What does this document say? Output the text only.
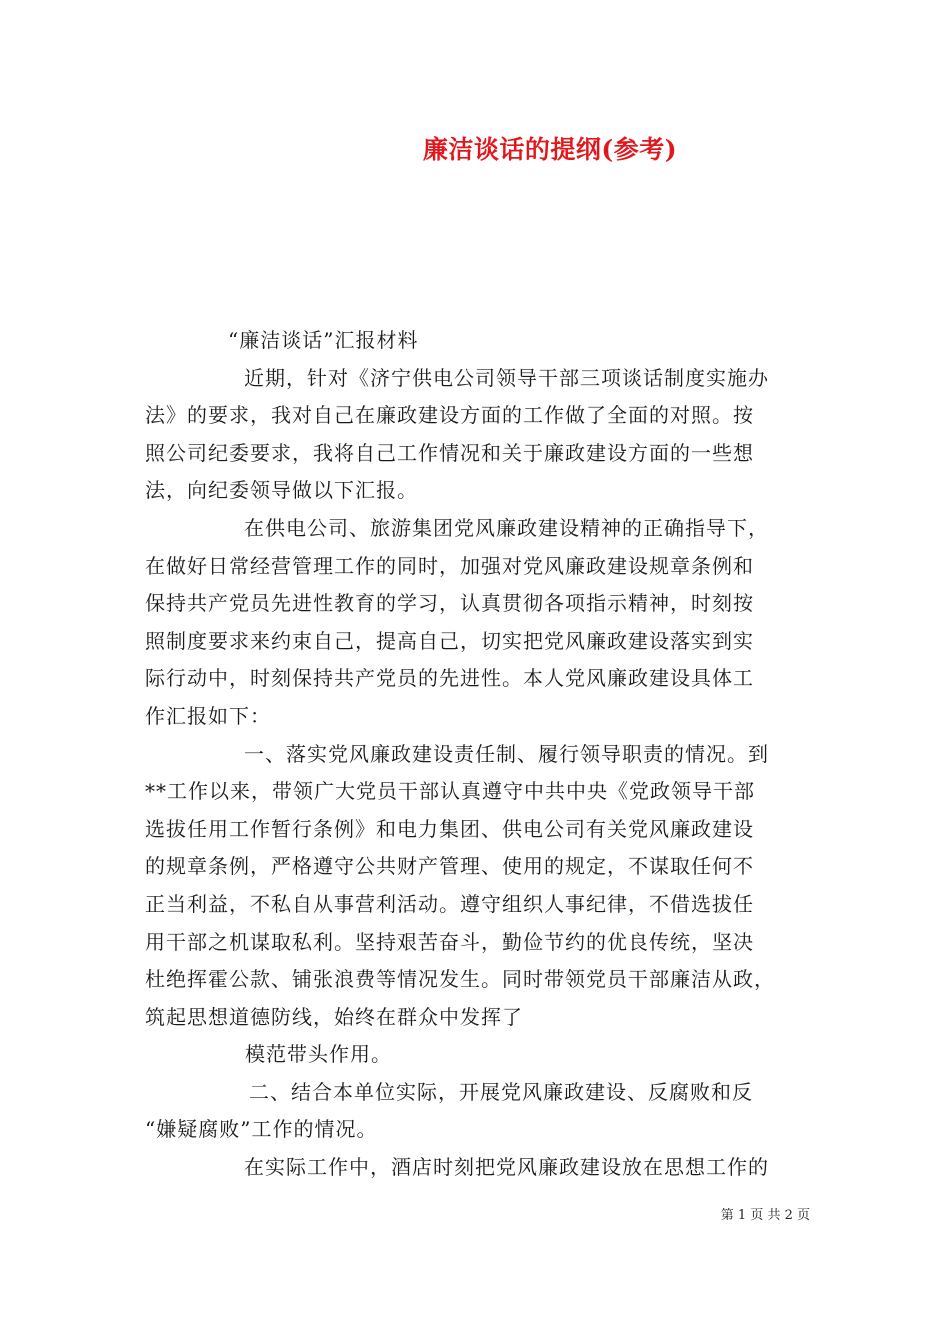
廉洁谈话的提纲(参考)
“廉洁谈话”汇报材料
近期，针对《济宁供电公司领导干部三项谈话制度实施办
法》的要求，我对自己在廉政建设方面的工作做了全面的对照。按
照公司纪委要求，我将自己工作情况和关于廉政建设方面的一些想
法，向纪委领导做以下汇报。
在供电公司、旅游集团党风廉政建设精神的正确指导下，
在做好日常经营管理工作的同时，加强对党风廉政建设规章条例和
保持共产党员先进性教育的学习，认真贯彻各项指示精神，时刻按
照制度要求来约束自己，提高自己，切实把党风廉政建设落实到实
际行动中，时刻保持共产党员的先进性。本人党风廉政建设具体工
作汇报如下：
一、落实党风廉政建设责任制、履行领导职责的情况。到
**工作以来，带领广大党员干部认真遵守中共中央《党政领导干部
选拔任用工作暂行条例》和电力集团、供电公司有关党风廉政建设
的规章条例，严格遵守公共财产管理、使用的规定，不谋取任何不
正当利益，不私自从事营利活动。遵守组织人事纪律，不借选拔任
用干部之机谋取私利。坚持艰苦奋斗，勤俭节约的优良传统，坚决
杜绝挥霍公款、铺张浪费等情况发生。同时带领党员干部廉洁从政，
筑起思想道德防线，始终在群众中发挥了
模范带头作用。
二、结合本单位实际，开展党风廉政建设、反腐败和反
“嫌疑腐败”工作的情况。
在实际工作中，酒店时刻把党风廉政建设放在思想工作的
第 1 页 共 2 页
